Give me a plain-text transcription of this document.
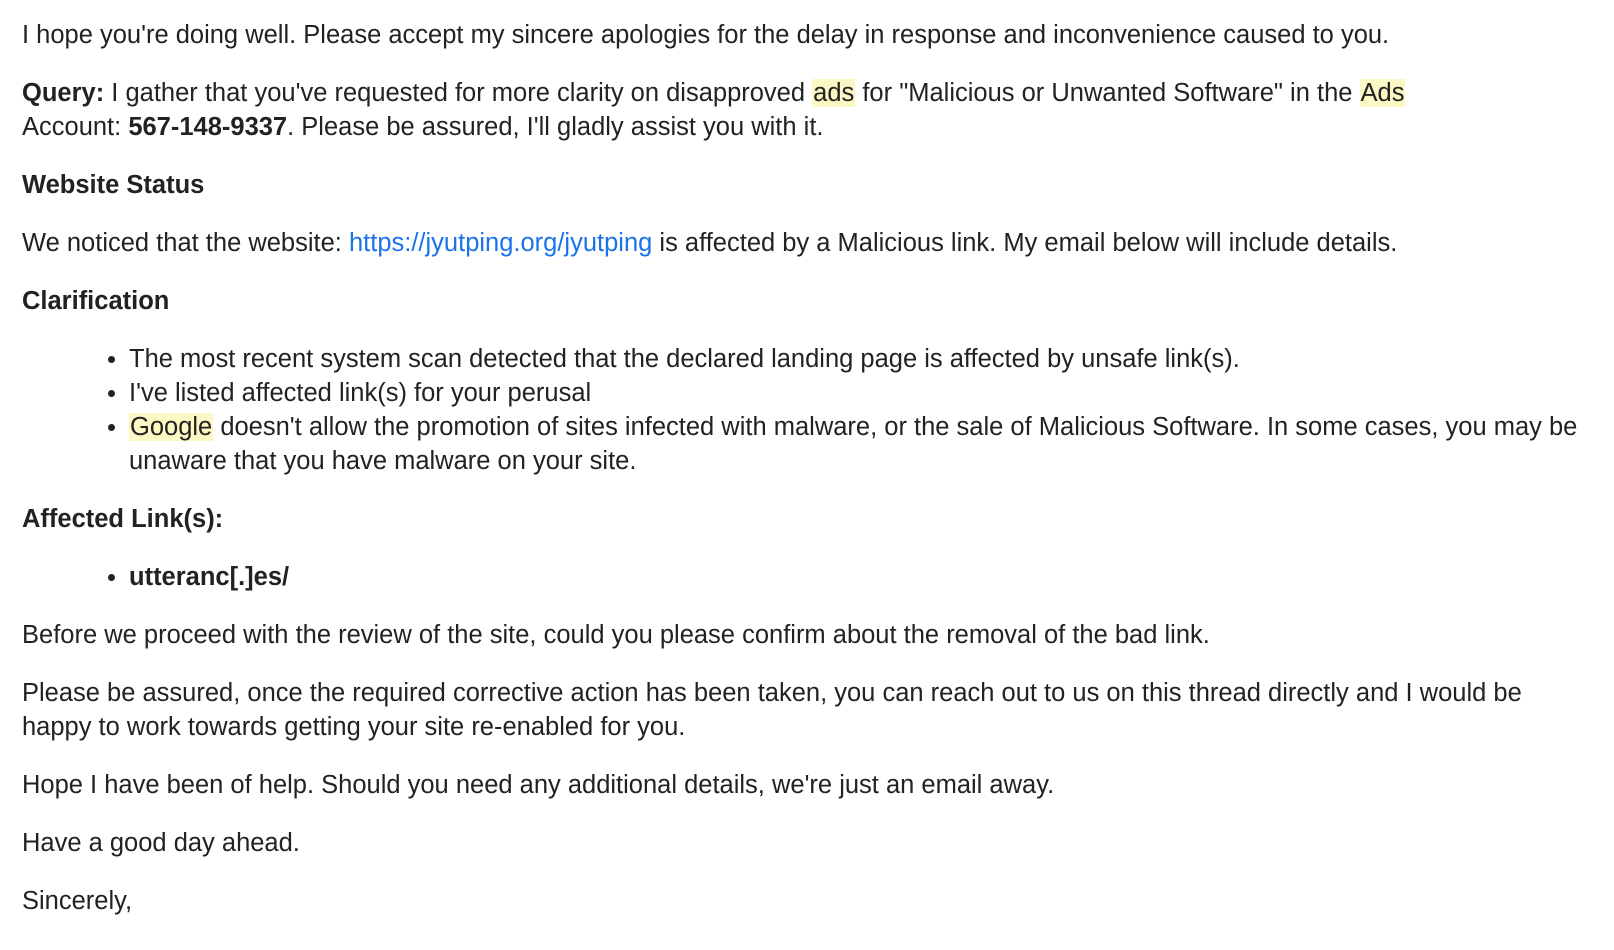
I hope you're doing well. Please accept my sincere apologies for the delay in response and inconvenience caused to you.

Query: I gather that you've requested for more clarity on disapproved ads for "Malicious or Unwanted Software" in the Ads
Account: 567-148-9337. Please be assured, I'll gladly assist you with it.

Website Status

We noticed that the website: https://jyutping.org/jyutping is affected by a Malicious link. My email below will include details.

Clarification

• The most recent system scan detected that the declared landing page is affected by unsafe link(s).
• I've listed affected link(s) for your perusal
• Google doesn't allow the promotion of sites infected with malware, or the sale of Malicious Software. In some cases, you may be unaware that you have malware on your site.

Affected Link(s):

• utteranc[.]es/

Before we proceed with the review of the site, could you please confirm about the removal of the bad link.

Please be assured, once the required corrective action has been taken, you can reach out to us on this thread directly and I would be happy to work towards getting your site re-enabled for you.

Hope I have been of help. Should you need any additional details, we're just an email away.

Have a good day ahead.

Sincerely,
